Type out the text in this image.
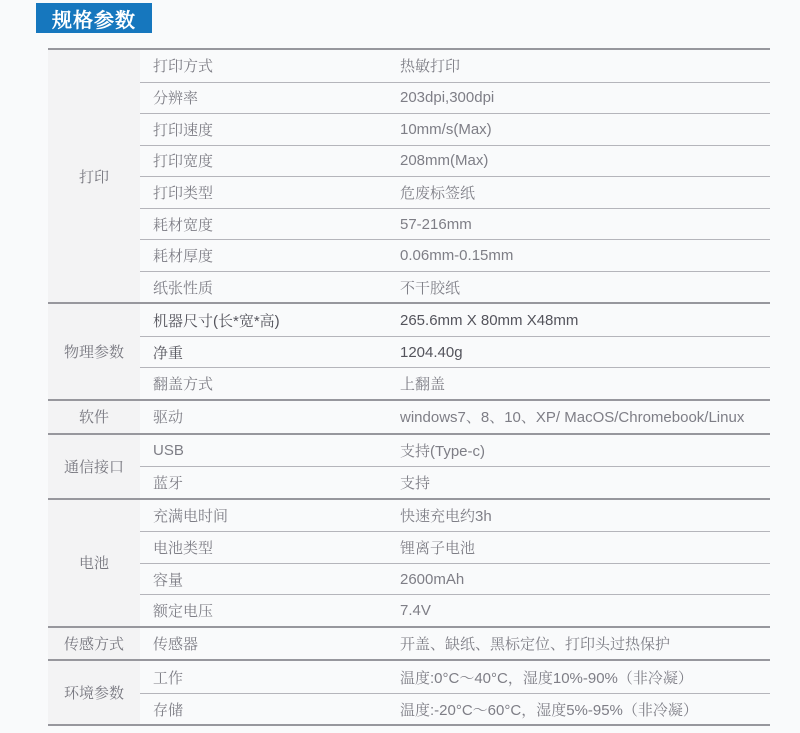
规格参数
打印
打印方式	热敏打印
分辨率	203dpi,300dpi
打印速度	10mm/s(Max)
打印宽度	208mm(Max)
打印类型	危废标签纸
耗材宽度	57-216mm
耗材厚度	0.06mm-0.15mm
纸张性质	不干胶纸
物理参数
机器尺寸(长*宽*高)	265.6mm X 80mm X48mm
净重	1204.40g
翻盖方式	上翻盖
软件	驱动	windows7、8、10、XP/ MacOS/Chromebook/Linux
通信接口
USB	支持(Type-c)
蓝牙	支持
电池
充满电时间	快速充电约3h
电池类型	锂离子电池
容量	2600mAh
额定电压	7.4V
传感方式	传感器	开盖、缺纸、黑标定位、打印头过热保护
环境参数
工作	温度:0°C～40°C，湿度10%-90%（非冷凝）
存储	温度:-20°C～60°C，湿度5%-95%（非冷凝）
